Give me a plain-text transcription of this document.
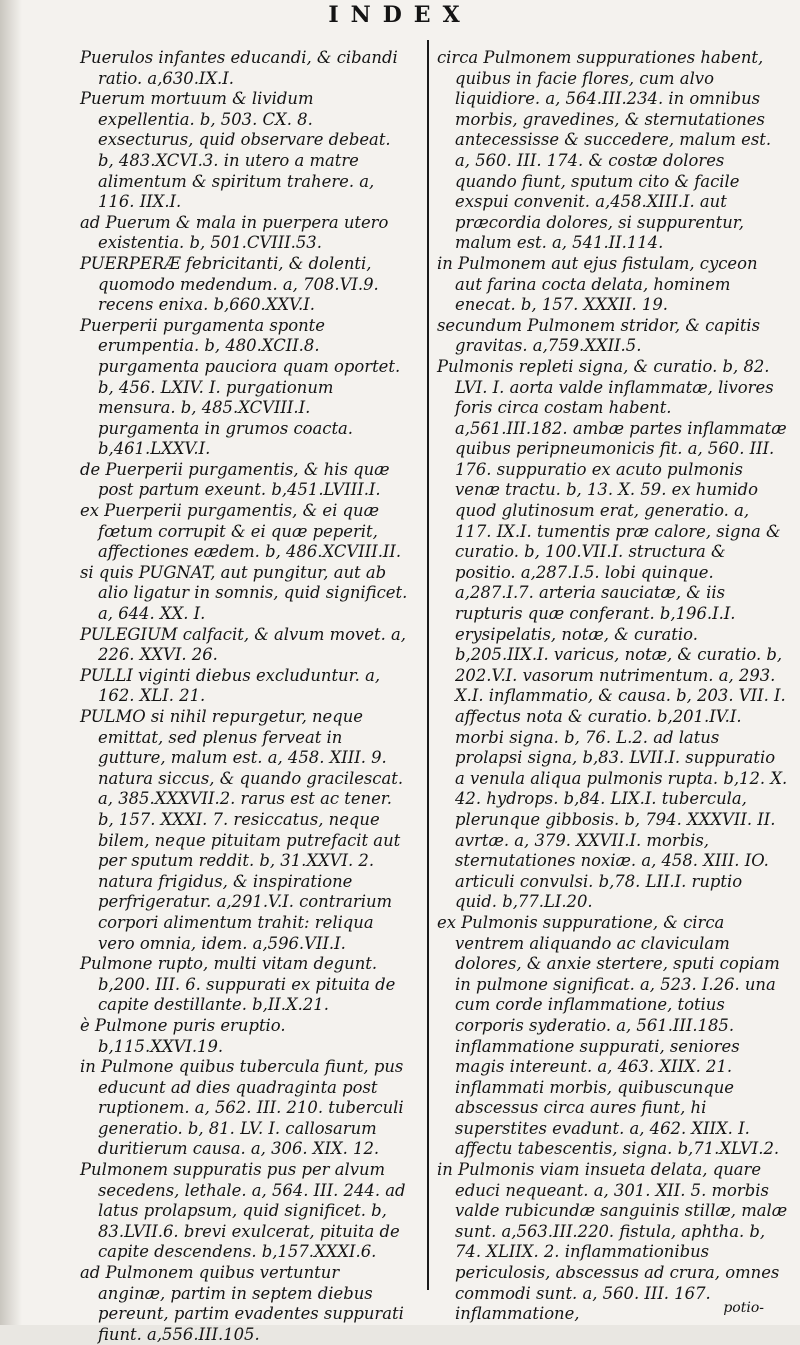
INDEX

Puerulos infantes educandi, & cibandi ratio. a,630.IX.I.

Puerum mortuum & lividum expellentia. b, 503. CX. 8. exsecturus, quid observare debeat. b, 483.XCVI.3. in utero a matre alimentum & spiritum trahere. a, 116. IIX.I.

ad Puerum & mala in puerpera utero existentia. b, 501.CVIII.53.

PUERPERÆ febricitanti, & dolenti, quomodo medendum. a, 708.VI.9. recens enixa. b,660.XXV.I.

Puerperii purgamenta sponte erumpentia. b, 480.XCII.8. purgamenta pauciora quam oportet. b, 456. LXIV. I. purgationum mensura. b, 485.XCVIII.I. purgamenta in grumos coacta. b,461.LXXV.I.

de Puerperii purgamentis, & his quæ post partum exeunt. b,451.LVIII.I.

ex Puerperii purgamentis, & ei quæ fœtum corrupit & ei quæ peperit, affectiones eædem. b, 486.XCVIII.II.

si quis PUGNAT, aut pungitur, aut ab alio ligatur in somnis, quid significet. a, 644. XX. I.

PULEGIUM calfacit, & alvum movet. a, 226. XXVI. 26.

PULLI viginti diebus excluduntur. a, 162. XLI. 21.

PULMO si nihil repurgetur, neque emittat, sed plenus ferveat in gutture, malum est. a, 458. XIII. 9. natura siccus, & quando gracilescat. a, 385.XXXVII.2. rarus est ac tener. b, 157. XXXI. 7. resiccatus, neque bilem, neque pituitam putrefacit aut per sputum reddit. b, 31.XXVI. 2. natura frigidus, & inspiratione perfrigeratur. a,291.V.I. contrarium corpori alimentum trahit: reliqua vero omnia, idem. a,596.VII.I.

Pulmone rupto, multi vitam degunt. b,200. III. 6. suppurati ex pituita de capite destillante. b,II.X.21.

è Pulmone puris eruptio. b,115.XXVI.19.

in Pulmone quibus tubercula fiunt, pus educunt ad dies quadraginta post ruptionem. a, 562. III. 210. tuberculi generatio. b, 81. LV. I. callosarum duritierum causa. a, 306. XIX. 12.

Pulmonem suppuratis pus per alvum secedens, lethale. a, 564. III. 244. ad latus prolapsum, quid significet. b, 83.LVII.6. brevi exulcerat, pituita de capite descendens. b,157.XXXI.6.

ad Pulmonem quibus vertuntur anginæ, partim in septem diebus pereunt, partim evadentes suppurati fiunt. a,556.III.105.

circa Pulmonem suppurationes habent, quibus in facie flores, cum alvo liquidiore. a, 564.III.234. in omnibus morbis, gravedines, & sternutationes antecessisse & succedere, malum est. a, 560. III. 174. & costæ dolores quando fiunt, sputum cito & facile exspui convenit. a,458.XIII.I. aut præcordia dolores, si suppurentur, malum est. a, 541.II.114.

in Pulmonem aut ejus fistulam, cyceon aut farina cocta delata, hominem enecat. b, 157. XXXII. 19.

secundum Pulmonem stridor, & capitis gravitas. a,759.XXII.5.

Pulmonis repleti signa, & curatio. b, 82. LVI. I. aorta valde inflammatæ, livores foris circa costam habent. a,561.III.182. ambæ partes inflammatæ quibus peripneumonicis fit. a, 560. III. 176. suppuratio ex acuto pulmonis venæ tractu. b, 13. X. 59. ex humido quod glutinosum erat, generatio. a, 117. IX.I. tumentis præ calore, signa & curatio. b, 100.VII.I. structura & positio. a,287.I.5. lobi quinque. a,287.I.7. arteria sauciatæ, & iis rupturis quæ conferant. b,196.I.I. erysipelatis, notæ, & curatio. b,205.IIX.I. varicus, notæ, & curatio. b, 202.V.I. vasorum nutrimentum. a, 293. X.I. inflammatio, & causa. b, 203. VII. I. affectus nota & curatio. b,201.IV.I. morbi signa. b, 76. L.2. ad latus prolapsi signa, b,83. LVII.I. suppuratio a venula aliqua pulmonis rupta. b,12. X. 42. hydrops. b,84. LIX.I. tubercula, plerunque gibbosis. b, 794. XXXVII. II. avrtæ. a, 379. XXVII.I. morbis, sternutationes noxiæ. a, 458. XIII. IO. articuli convulsi. b,78. LII.I. ruptio quid. b,77.LI.20.

ex Pulmonis suppuratione, & circa ventrem aliquando ac claviculam dolores, & anxie stertere, sputi copiam in pulmone significat. a, 523. I.26. una cum corde inflammatione, totius corporis syderatio. a, 561.III.185. inflammatione suppurati, seniores magis intereunt. a, 463. XIIX. 21. inflammati morbis, quibuscunque abscessus circa aures fiunt, hi superstites evadunt. a, 462. XIIX. I. affectu tabescentis, signa. b,71.XLVI.2.

in Pulmonis viam insueta delata, quare educi nequeant. a, 301. XII. 5. morbis valde rubicundæ sanguinis stillæ, malæ sunt. a,563.III.220. fistula, aphtha. b, 74. XLIIX. 2. inflammationibus periculosis, abscessus ad crura, omnes commodi sunt. a, 560. III. 167. inflammatione,	potio-
